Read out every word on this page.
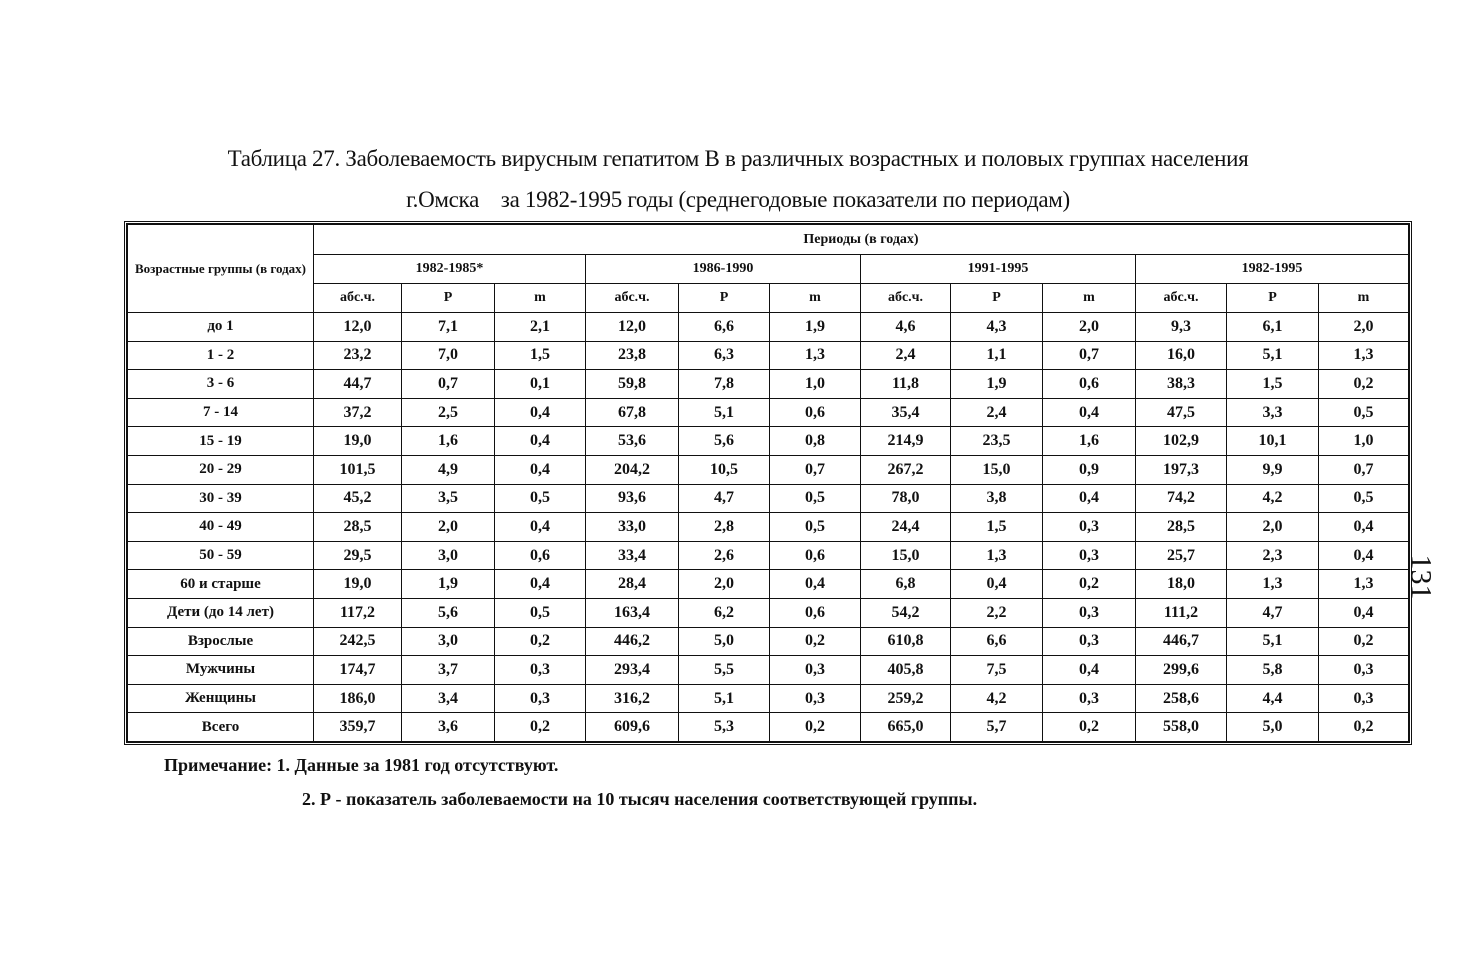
Таблица 27. Заболеваемость вирусным гепатитом В в различных возрастных и половых группах населения
г.Омска    за 1982-1995 годы (среднегодовые показатели по периодам)
Возрастные группы (в годах)	Периоды (в годах)											
	1982-1985*			1986-1990			1991-1995			1982-1995		
	абс.ч.	Р	m	абс.ч.	Р	m	абс.ч.	Р	m	абс.ч.	Р	m
до 1	12,0	7,1	2,1	12,0	6,6	1,9	4,6	4,3	2,0	9,3	6,1	2,0
1 - 2	23,2	7,0	1,5	23,8	6,3	1,3	2,4	1,1	0,7	16,0	5,1	1,3
3 - 6	44,7	0,7	0,1	59,8	7,8	1,0	11,8	1,9	0,6	38,3	1,5	0,2
7 - 14	37,2	2,5	0,4	67,8	5,1	0,6	35,4	2,4	0,4	47,5	3,3	0,5
15 - 19	19,0	1,6	0,4	53,6	5,6	0,8	214,9	23,5	1,6	102,9	10,1	1,0
20 - 29	101,5	4,9	0,4	204,2	10,5	0,7	267,2	15,0	0,9	197,3	9,9	0,7
30 - 39	45,2	3,5	0,5	93,6	4,7	0,5	78,0	3,8	0,4	74,2	4,2	0,5
40 - 49	28,5	2,0	0,4	33,0	2,8	0,5	24,4	1,5	0,3	28,5	2,0	0,4
50 - 59	29,5	3,0	0,6	33,4	2,6	0,6	15,0	1,3	0,3	25,7	2,3	0,4
60 и старше	19,0	1,9	0,4	28,4	2,0	0,4	6,8	0,4	0,2	18,0	1,3	1,3
Дети (до 14 лет)	117,2	5,6	0,5	163,4	6,2	0,6	54,2	2,2	0,3	111,2	4,7	0,4
Взрослые	242,5	3,0	0,2	446,2	5,0	0,2	610,8	6,6	0,3	446,7	5,1	0,2
Мужчины	174,7	3,7	0,3	293,4	5,5	0,3	405,8	7,5	0,4	299,6	5,8	0,3
Женщины	186,0	3,4	0,3	316,2	5,1	0,3	259,2	4,2	0,3	258,6	4,4	0,3
Всего	359,7	3,6	0,2	609,6	5,3	0,2	665,0	5,7	0,2	558,0	5,0	0,2
Примечание: 1. Данные за 1981 год отсутствуют.
2. Р - показатель заболеваемости на 10 тысяч населения соответствующей группы.
131
